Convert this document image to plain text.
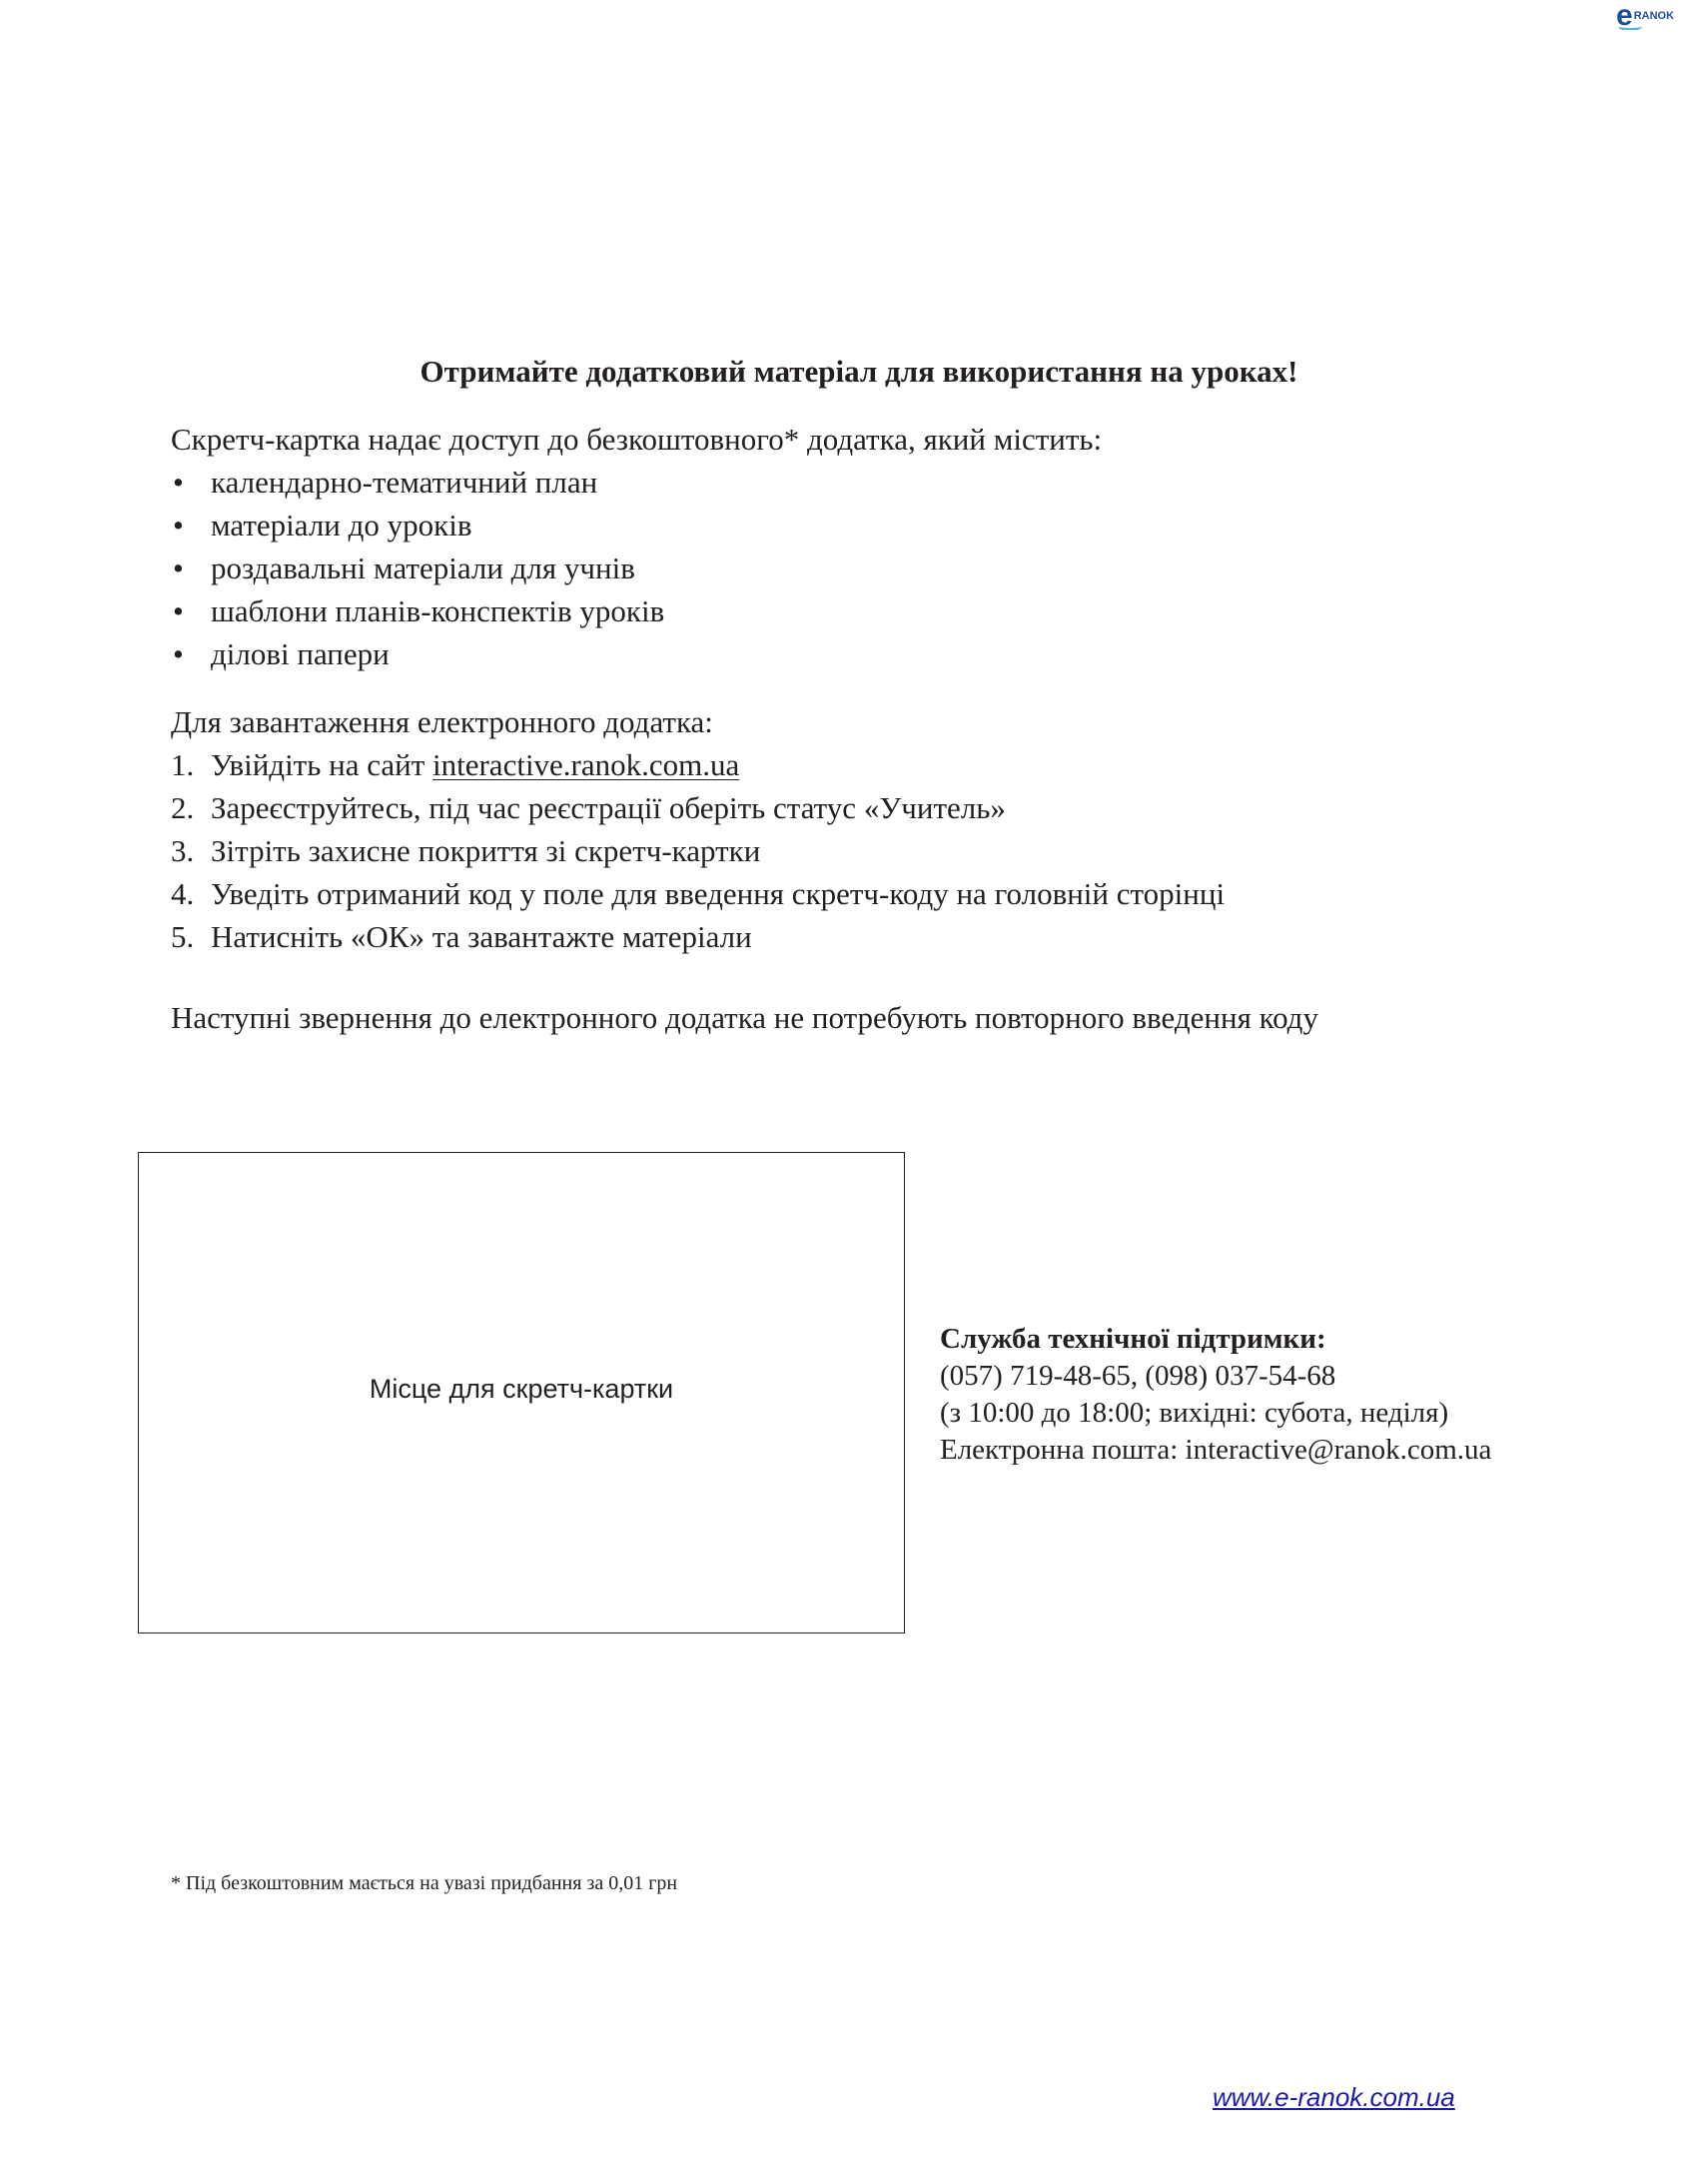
eRANOK
Отримайте додатковий матеріал для використання на уроках!
Скретч-картка надає доступ до безкоштовного* додатка, який містить:
• календарно-тематичний план
• матеріали до уроків
• роздавальні матеріали для учнів
• шаблони планів-конспектів уроків
• ділові папери
Для завантаження електронного додатка:
1. Увійдіть на сайт interactive.ranok.com.ua
2. Зареєструйтесь, під час реєстрації оберіть статус «Учитель»
3. Зітріть захисне покриття зі скретч-картки
4. Уведіть отриманий код у поле для введення скретч-коду на головній сторінці
5. Натисніть «ОК» та завантажте матеріали
Наступні звернення до електронного додатка не потребують повторного введення коду
Місце для скретч-картки
Служба технічної підтримки:
(057) 719-48-65, (098) 037-54-68
(з 10:00 до 18:00; вихідні: субота, неділя)
Електронна пошта: interactive@ranok.com.ua
* Під безкоштовним мається на увазі придбання за 0,01 грн
www.e-ranok.com.ua
